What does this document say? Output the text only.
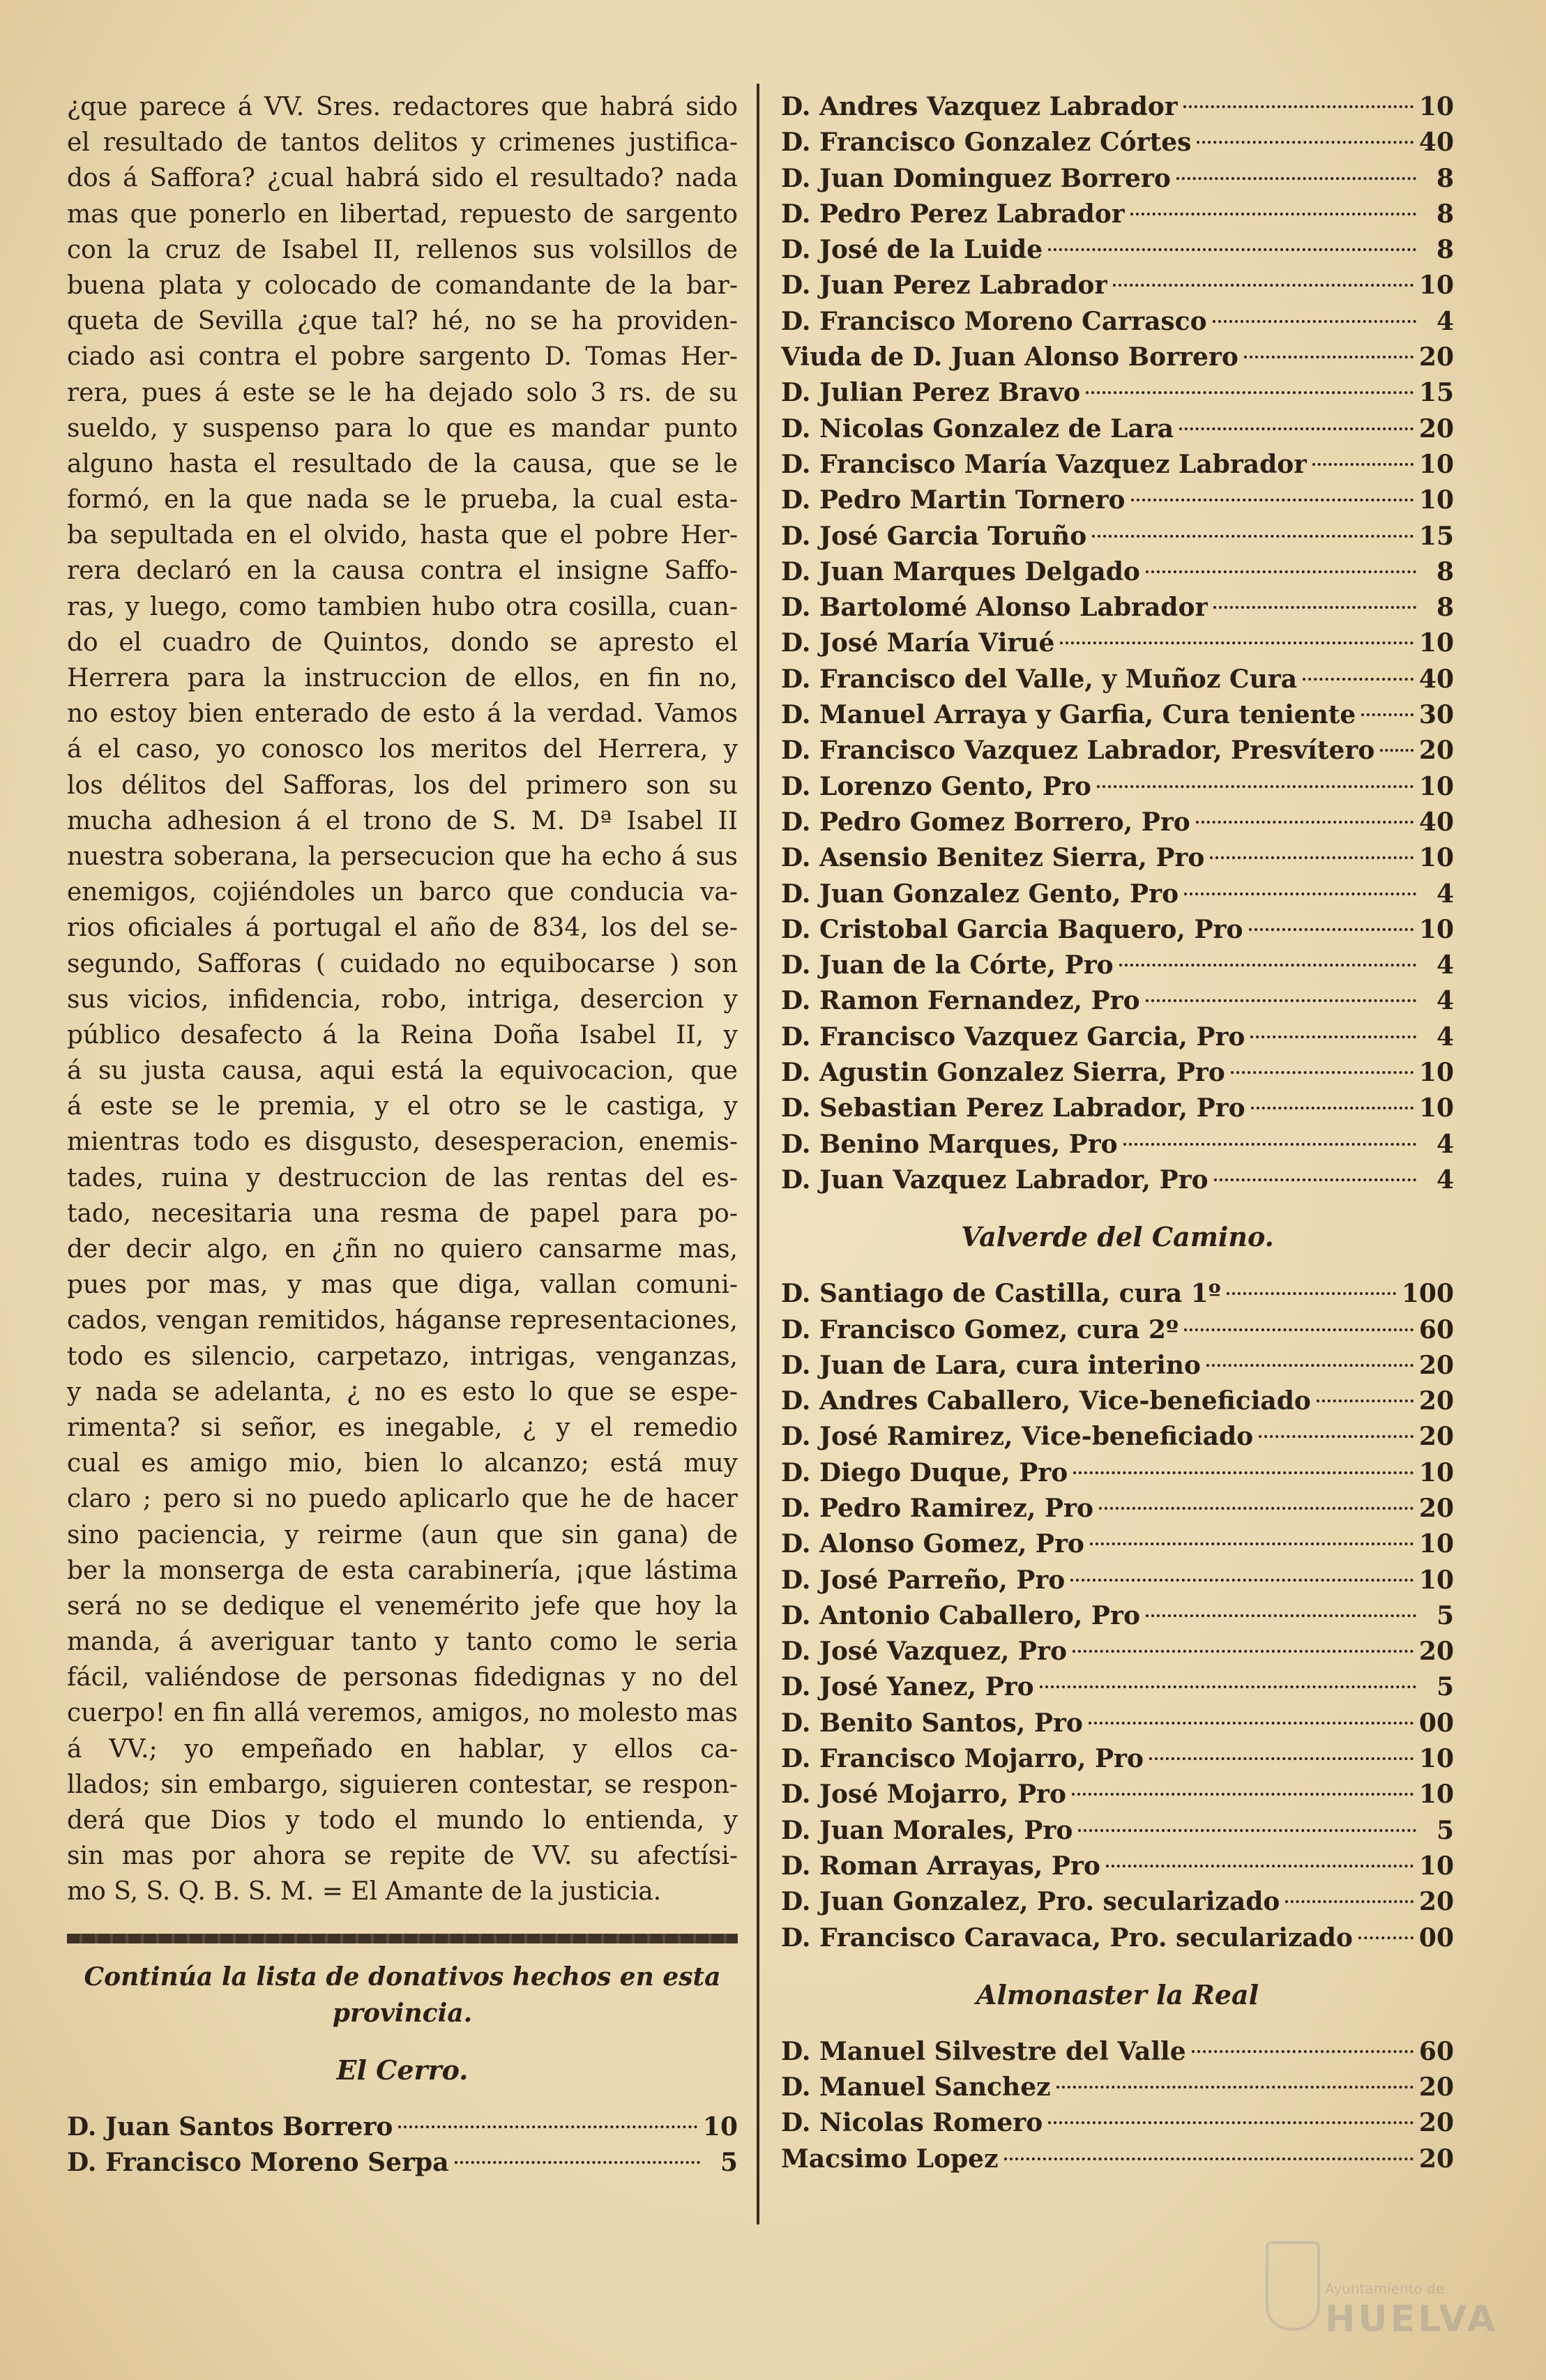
¿que parece á VV. Sres. redactores que habrá sido
el resultado de tantos delitos y crimenes justifica-
dos á Saffora? ¿cual habrá sido el resultado? nada
mas que ponerlo en libertad, repuesto de sargento
con la cruz de Isabel II, rellenos sus volsillos de
buena plata y colocado de comandante de la bar-
queta de Sevilla ¿que tal? hé, no se ha providen-
ciado asi contra el pobre sargento D. Tomas Her-
rera, pues á este se le ha dejado solo 3 rs. de su
sueldo, y suspenso para lo que es mandar punto
alguno hasta el resultado de la causa, que se le
formó, en la que nada se le prueba, la cual esta-
ba sepultada en el olvido, hasta que el pobre Her-
rera declaró en la causa contra el insigne Saffo-
ras, y luego, como tambien hubo otra cosilla, cuan-
do el cuadro de Quintos, dondo se apresto el
Herrera para la instruccion de ellos, en fin no,
no estoy bien enterado de esto á la verdad. Vamos
á el caso, yo conosco los meritos del Herrera, y
los délitos del Safforas, los del primero son su
mucha adhesion á el trono de S. M. Dª Isabel II
nuestra soberana, la persecucion que ha echo á sus
enemigos, cojiéndoles un barco que conducia va-
rios oficiales á portugal el año de 834, los del se-
segundo, Safforas ( cuidado no equibocarse ) son
sus vicios, infidencia, robo, intriga, desercion y
público desafecto á la Reina Doña Isabel II, y
á su justa causa, aqui está la equivocacion, que
á este se le premia, y el otro se le castiga, y
mientras todo es disgusto, desesperacion, enemis-
tades, ruina y destruccion de las rentas del es-
tado, necesitaria una resma de papel para po-
der decir algo, en ¿ñn no quiero cansarme mas,
pues por mas, y mas que diga, vallan comuni-
cados, vengan remitidos, háganse representaciones,
todo es silencio, carpetazo, intrigas, venganzas,
y nada se adelanta, ¿ no es esto lo que se espe-
rimenta? si señor, es inegable, ¿ y el remedio
cual es amigo mio, bien lo alcanzo; está muy
claro ; pero si no puedo aplicarlo que he de hacer
sino paciencia, y reirme (aun que sin gana) de
ber la monserga de esta carabinería, ¡que lástima
será no se dedique el venemérito jefe que hoy la
manda, á averiguar tanto y tanto como le seria
fácil, valiéndose de personas fidedignas y no del
cuerpo! en fin allá veremos, amigos, no molesto mas
á VV.; yo empeñado en hablar, y ellos ca-
llados; sin embargo, siguieren contestar, se respon-
derá que Dios y todo el mundo lo entienda, y
sin mas por ahora se repite de VV. su afectísi-
mo S, S. Q. B. S. M. = El Amante de la justicia.
Continúa la lista de donativos hechos en esta provincia.
El Cerro.
D. Juan Santos Borrero	10
D. Francisco Moreno Serpa	5
D. Andres Vazquez Labrador	10
D. Francisco Gonzalez Córtes	40
D. Juan Dominguez Borrero	8
D. Pedro Perez Labrador	8
D. José de la Luide	8
D. Juan Perez Labrador	10
D. Francisco Moreno Carrasco	4
Viuda de D. Juan Alonso Borrero	20
D. Julian Perez Bravo	15
D. Nicolas Gonzalez de Lara	20
D. Francisco María Vazquez Labrador	10
D. Pedro Martin Tornero	10
D. José Garcia Toruño	15
D. Juan Marques Delgado	8
D. Bartolomé Alonso Labrador	8
D. José María Virué	10
D. Francisco del Valle, y Muñoz Cura	40
D. Manuel Arraya y Garfia, Cura teniente	30
D. Francisco Vazquez Labrador, Presvítero 20
D. Lorenzo Gento, Pro	10
D. Pedro Gomez Borrero, Pro	40
D. Asensio Benitez Sierra, Pro	10
D. Juan Gonzalez Gento, Pro	4
D. Cristobal Garcia Baquero, Pro	10
D. Juan de la Córte, Pro	4
D. Ramon Fernandez, Pro	4
D. Francisco Vazquez Garcia, Pro	4
D. Agustin Gonzalez Sierra, Pro	10
D. Sebastian Perez Labrador, Pro	10
D. Benino Marques, Pro	4
D. Juan Vazquez Labrador, Pro	4
Valverde del Camino.
D. Santiago de Castilla, cura 1º	100
D. Francisco Gomez, cura 2º	60
D. Juan de Lara, cura interino	20
D. Andres Caballero, Vice-beneficiado	20
D. José Ramirez, Vice-beneficiado	20
D. Diego Duque, Pro	10
D. Pedro Ramirez, Pro	20
D. Alonso Gomez, Pro	10
D. José Parreño, Pro	10
D. Antonio Caballero, Pro	5
D. José Vazquez, Pro	20
D. José Yanez, Pro	5
D. Benito Santos, Pro	00
D. Francisco Mojarro, Pro	10
D. José Mojarro, Pro	10
D. Juan Morales, Pro	5
D. Roman Arrayas, Pro	10
D. Juan Gonzalez, Pro. secularizado	20
D. Francisco Caravaca, Pro. secularizado	00
Almonaster la Real
D. Manuel Silvestre del Valle	60
D. Manuel Sanchez	20
D. Nicolas Romero	20
Macsimo Lopez	20
Ayuntamiento de
HUELVA
